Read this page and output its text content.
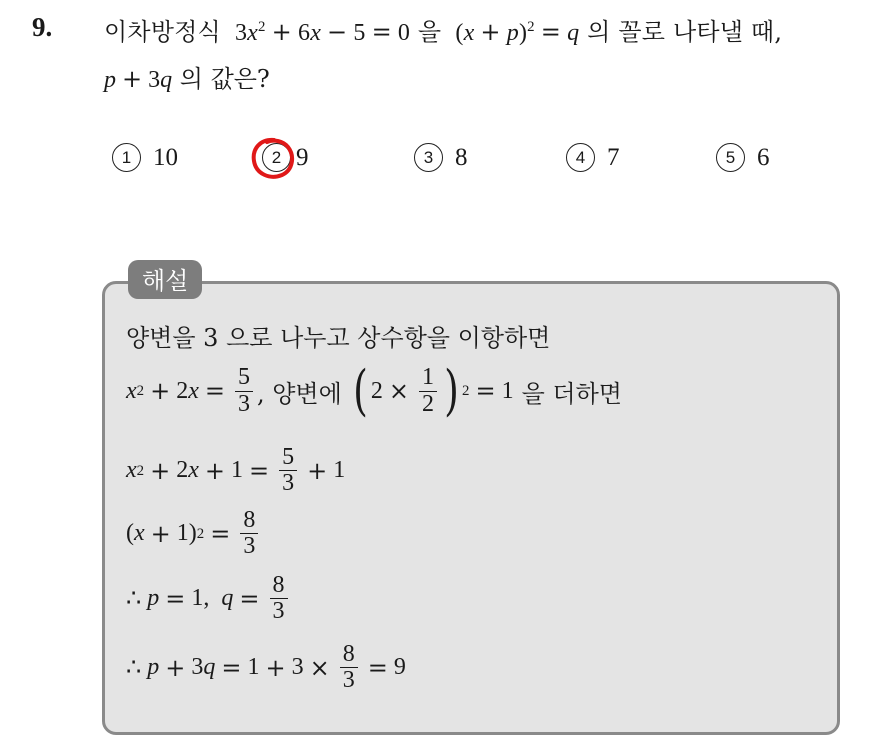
9. 이차방정식  $3x^2 + 6x - 5 = 0$ 을  $(x + p)^2 = q$ 의 꼴로 나타낼 때,
p + 3q 의 값은?
1 10	2 9	3 8	4 7	5 6
해설
양변을 3 으로 나누고 상수항을 이항하면
x 2 + 2 $x = \frac{5}{3}$ , 양변에 ( $2 \times \frac{1}{2}$ ) 2 = 1 을 더하면
x 2 + 2 $x + 1 = \frac{5}{3} + 1$
( x + 1) $2 = \frac{8}{3}$
∴ p = 1, $q = \frac{8}{3}$
∴ p + 3 $q = 1 + 3 \times \frac{8}{3} = 9$
